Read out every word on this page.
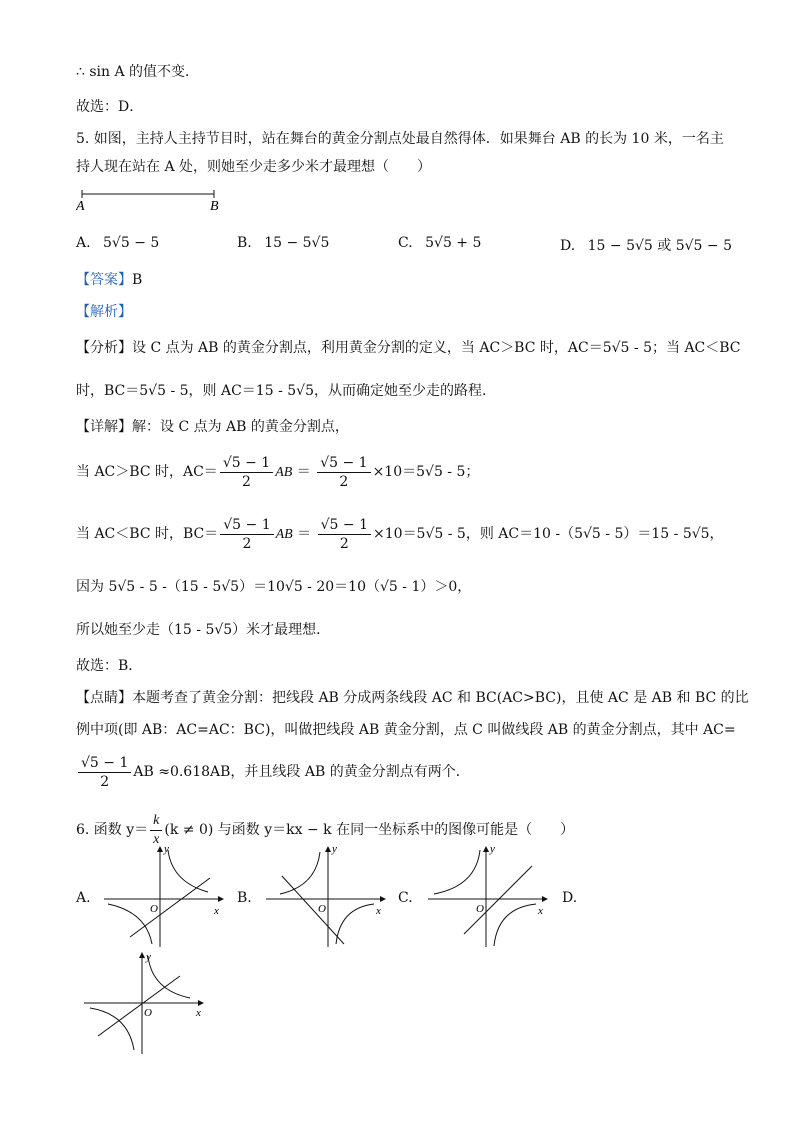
∴ sin A 的值不变．
故选：D．
5. 如图，主持人主持节目时，站在舞台的黄金分割点处最自然得体．如果舞台 AB 的长为 10 米，一名主
持人现在站在 A 处，则她至少走多少米才最理想（　　）
A	B
A. 5√5 − 5	B. 15 − 5√5	C. 5√5 + 5	D. 15 − 5√5 或 5√5 − 5
【答案】B
【解析】
【分析】设 C 点为 AB 的黄金分割点，利用黄金分割的定义，当 AC＞BC 时，AC＝5√5 - 5；当 AC＜BC
时，BC＝5√5 - 5，则 AC＝15 - 5√5，从而确定她至少走的路程．
【详解】解：设 C 点为 AB 的黄金分割点，
当 AC＞BC 时，$AC= \frac{√5 - 1}{2}$ AB ＝ $\frac{√5 - 1}{2} \times 10=5√5 - 5$；
当 AC＜BC 时，$BC= \frac{√5 - 1}{2}$ AB ＝ $\frac{√5 - 1}{2} \times 10=5√5 - 5$，则 AC＝10 -（5√5 - 5）＝15 - 5√5，
因为 5√5 - 5 -（15 - 5√5）＝10√5 - 20＝10（√5 - 1）＞0，
所以她至少走（15 - 5√5）米才最理想．
故选：B．
【点睛】本题考查了黄金分割：把线段 AB 分成两条线段 AC 和 BC(AC>BC)，且使 AC 是 AB 和 BC 的比
例中项(即 AB：AC=AC：BC)，叫做把线段 AB 黄金分割，点 C 叫做线段 AB 的黄金分割点，其中 AC=
$\frac{√5 - 1}{2}$ AB ≈0.618AB，并且线段 AB 的黄金分割点有两个．
6. 函数 $y= \frac{k}{x} (k \ne 0)$ 与函数 y＝kx − k 在同一坐标系中的图像可能是（　　）
A.	B.	C.	D.
y
x
O
y
x
O
y
x
O
y
x
O
